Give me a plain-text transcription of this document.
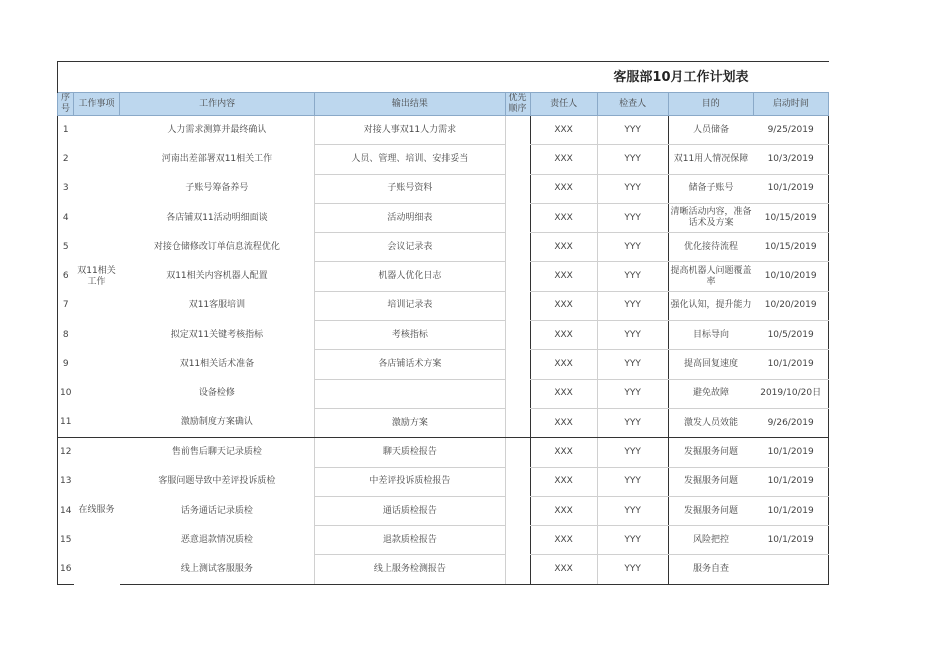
客服部10月工作计划表								
序号	工作事项	工作内容	输出结果	优先顺序	责任人	检查人	目的	启动时间
1	双11相关工作	人力需求测算并最终确认	对接人事双11人力需求		XXX	YYY	人员储备	9/25/2019
2		河南出差部署双11相关工作	人员、管理、培训、安排妥当		XXX	YYY	双11用人情况保障	10/3/2019
3		子账号筹备养号	子账号资料		XXX	YYY	储备子账号	10/1/2019
4		各店铺双11活动明细面谈	活动明细表		XXX	YYY	清晰活动内容，准备话术及方案	10/15/2019
5		对接仓储修改订单信息流程优化	会议记录表		XXX	YYY	优化接待流程	10/15/2019
6		双11相关内容机器人配置	机器人优化日志		XXX	YYY	提高机器人问题覆盖率	10/10/2019
7		双11客服培训	培训记录表		XXX	YYY	强化认知，提升能力	10/20/2019
8		拟定双11关键考核指标	考核指标		XXX	YYY	目标导向	10/5/2019
9		双11相关话术准备	各店铺话术方案		XXX	YYY	提高回复速度	10/1/2019
10		设备检修			XXX	YYY	避免故障	2019/10/20日
11		激励制度方案确认	激励方案		XXX	YYY	激发人员效能	9/26/2019
12	在线服务	售前售后聊天记录质检	聊天质检报告		XXX	YYY	发掘服务问题	10/1/2019
13		客服问题导致中差评投诉质检	中差评投诉质检报告		XXX	YYY	发掘服务问题	10/1/2019
14		话务通话记录质检	通话质检报告		XXX	YYY	发掘服务问题	10/1/2019
15		恶意退款情况质检	退款质检报告		XXX	YYY	风险把控	10/1/2019
16		线上测试客服服务	线上服务检测报告		XXX	YYY	服务自查	
